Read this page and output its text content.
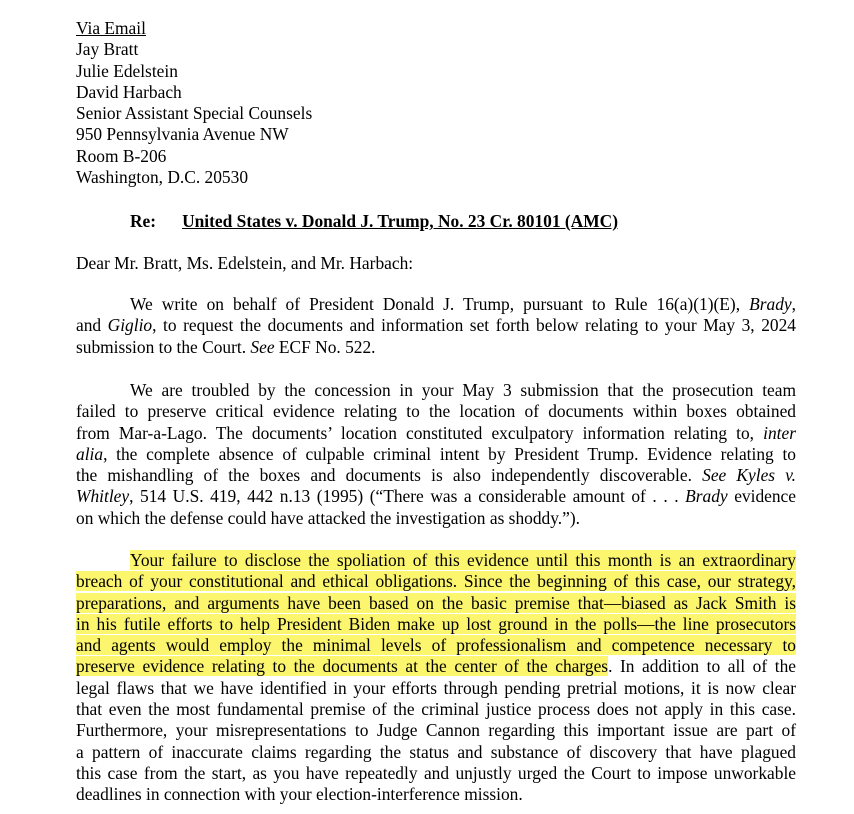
Via Email
Jay Bratt
Julie Edelstein
David Harbach
Senior Assistant Special Counsels
950 Pennsylvania Avenue NW
Room B-206
Washington, D.C. 20530
Re: United States v. Donald J. Trump, No. 23 Cr. 80101 (AMC)
Dear Mr. Bratt, Ms. Edelstein, and Mr. Harbach:
We write on behalf of President Donald J. Trump, pursuant to Rule 16(a)(1)(E), Brady,
and Giglio, to request the documents and information set forth below relating to your May 3, 2024
submission to the Court. See ECF No. 522.
We are troubled by the concession in your May 3 submission that the prosecution team
failed to preserve critical evidence relating to the location of documents within boxes obtained
from Mar-a-Lago. The documents’ location constituted exculpatory information relating to, inter
alia, the complete absence of culpable criminal intent by President Trump. Evidence relating to
the mishandling of the boxes and documents is also independently discoverable. See Kyles v.
Whitley, 514 U.S. 419, 442 n.13 (1995) (“There was a considerable amount of . . . Brady evidence
on which the defense could have attacked the investigation as shoddy.”).
Your failure to disclose the spoliation of this evidence until this month is an extraordinary
breach of your constitutional and ethical obligations. Since the beginning of this case, our strategy,
preparations, and arguments have been based on the basic premise that—biased as Jack Smith is
in his futile efforts to help President Biden make up lost ground in the polls—the line prosecutors
and agents would employ the minimal levels of professionalism and competence necessary to
preserve evidence relating to the documents at the center of the charges. In addition to all of the
legal flaws that we have identified in your efforts through pending pretrial motions, it is now clear
that even the most fundamental premise of the criminal justice process does not apply in this case.
Furthermore, your misrepresentations to Judge Cannon regarding this important issue are part of
a pattern of inaccurate claims regarding the status and substance of discovery that have plagued
this case from the start, as you have repeatedly and unjustly urged the Court to impose unworkable
deadlines in connection with your election-interference mission.
